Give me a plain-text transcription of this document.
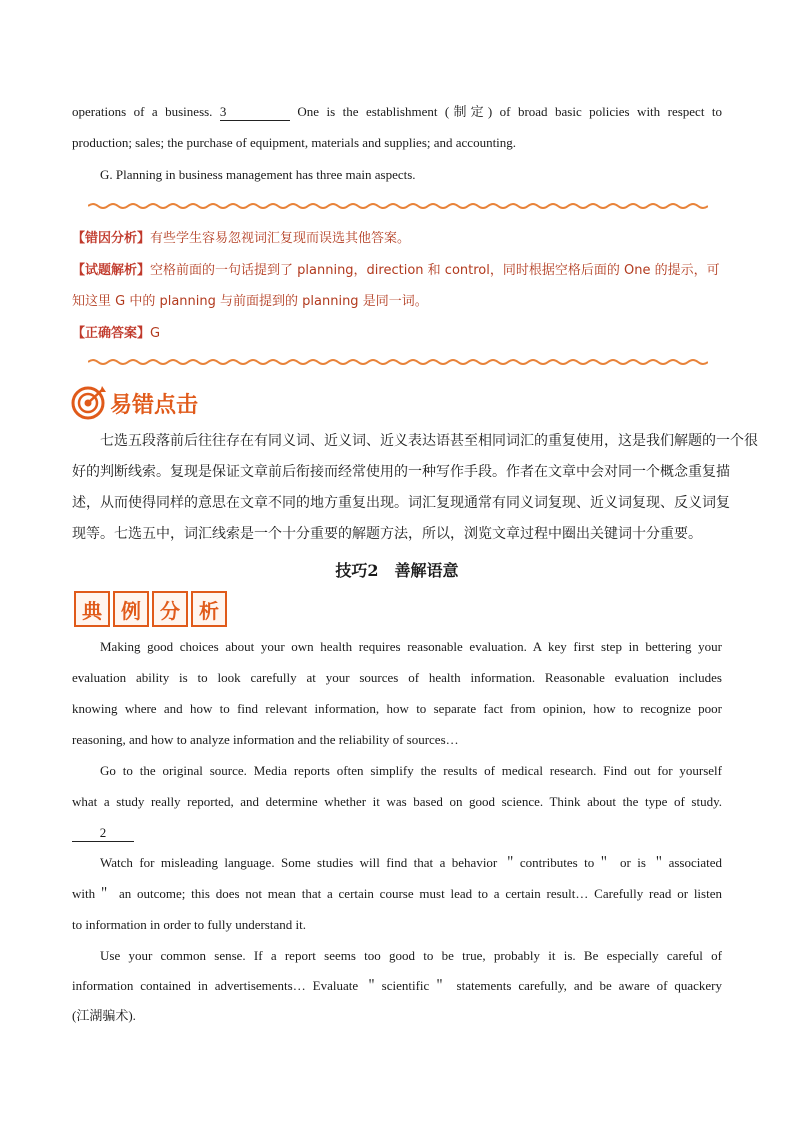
operations of a business. 3	One is the establishment (制定) of broad basic policies with respect to
production; sales; the purchase of equipment, materials and supplies; and accounting.
G. Planning in business management has three main aspects.
【错因分析】有些学生容易忽视词汇复现而误选其他答案。
【试题解析】空格前面的一句话提到了 planning，direction 和 control，同时根据空格后面的 One 的提示，可
知这里 G 中的 planning 与前面提到的 planning 是同一词。
【正确答案】G
易错点击
七选五段落前后往往存在有同义词、近义词、近义表达语甚至相同词汇的重复使用，这是我们解题的一个很
好的判断线索。复现是保证文章前后衔接而经常使用的一种写作手段。作者在文章中会对同一个概念重复描
述，从而使得同样的意思在文章不同的地方重复出现。词汇复现通常有同义词复现、近义词复现、反义词复
现等。七选五中，词汇线索是一个十分重要的解题方法，所以，浏览文章过程中圈出关键词十分重要。
技巧2　善解语意
典 例 分 析
Making good choices about your own health requires reasonable evaluation. A key first step in bettering your
evaluation ability is to look carefully at your sources of health information. Reasonable evaluation includes
knowing where and how to find relevant information, how to separate fact from opinion, how to recognize poor
reasoning, and how to analyze information and the reliability of sources…
Go to the original source. Media reports often simplify the results of medical research. Find out for yourself
what a study really reported, and determine whether it was based on good science. Think about the type of study.
2
Watch for misleading language. Some studies will find that a behavior ＂contributes to＂ or is ＂associated
with＂ an outcome; this does not mean that a certain course must lead to a certain result… Carefully read or listen
to information in order to fully understand it.
Use your common sense. If a report seems too good to be true, probably it is. Be especially careful of
information contained in advertisements… Evaluate ＂scientific＂ statements carefully, and be aware of quackery
(江湖骗术).
